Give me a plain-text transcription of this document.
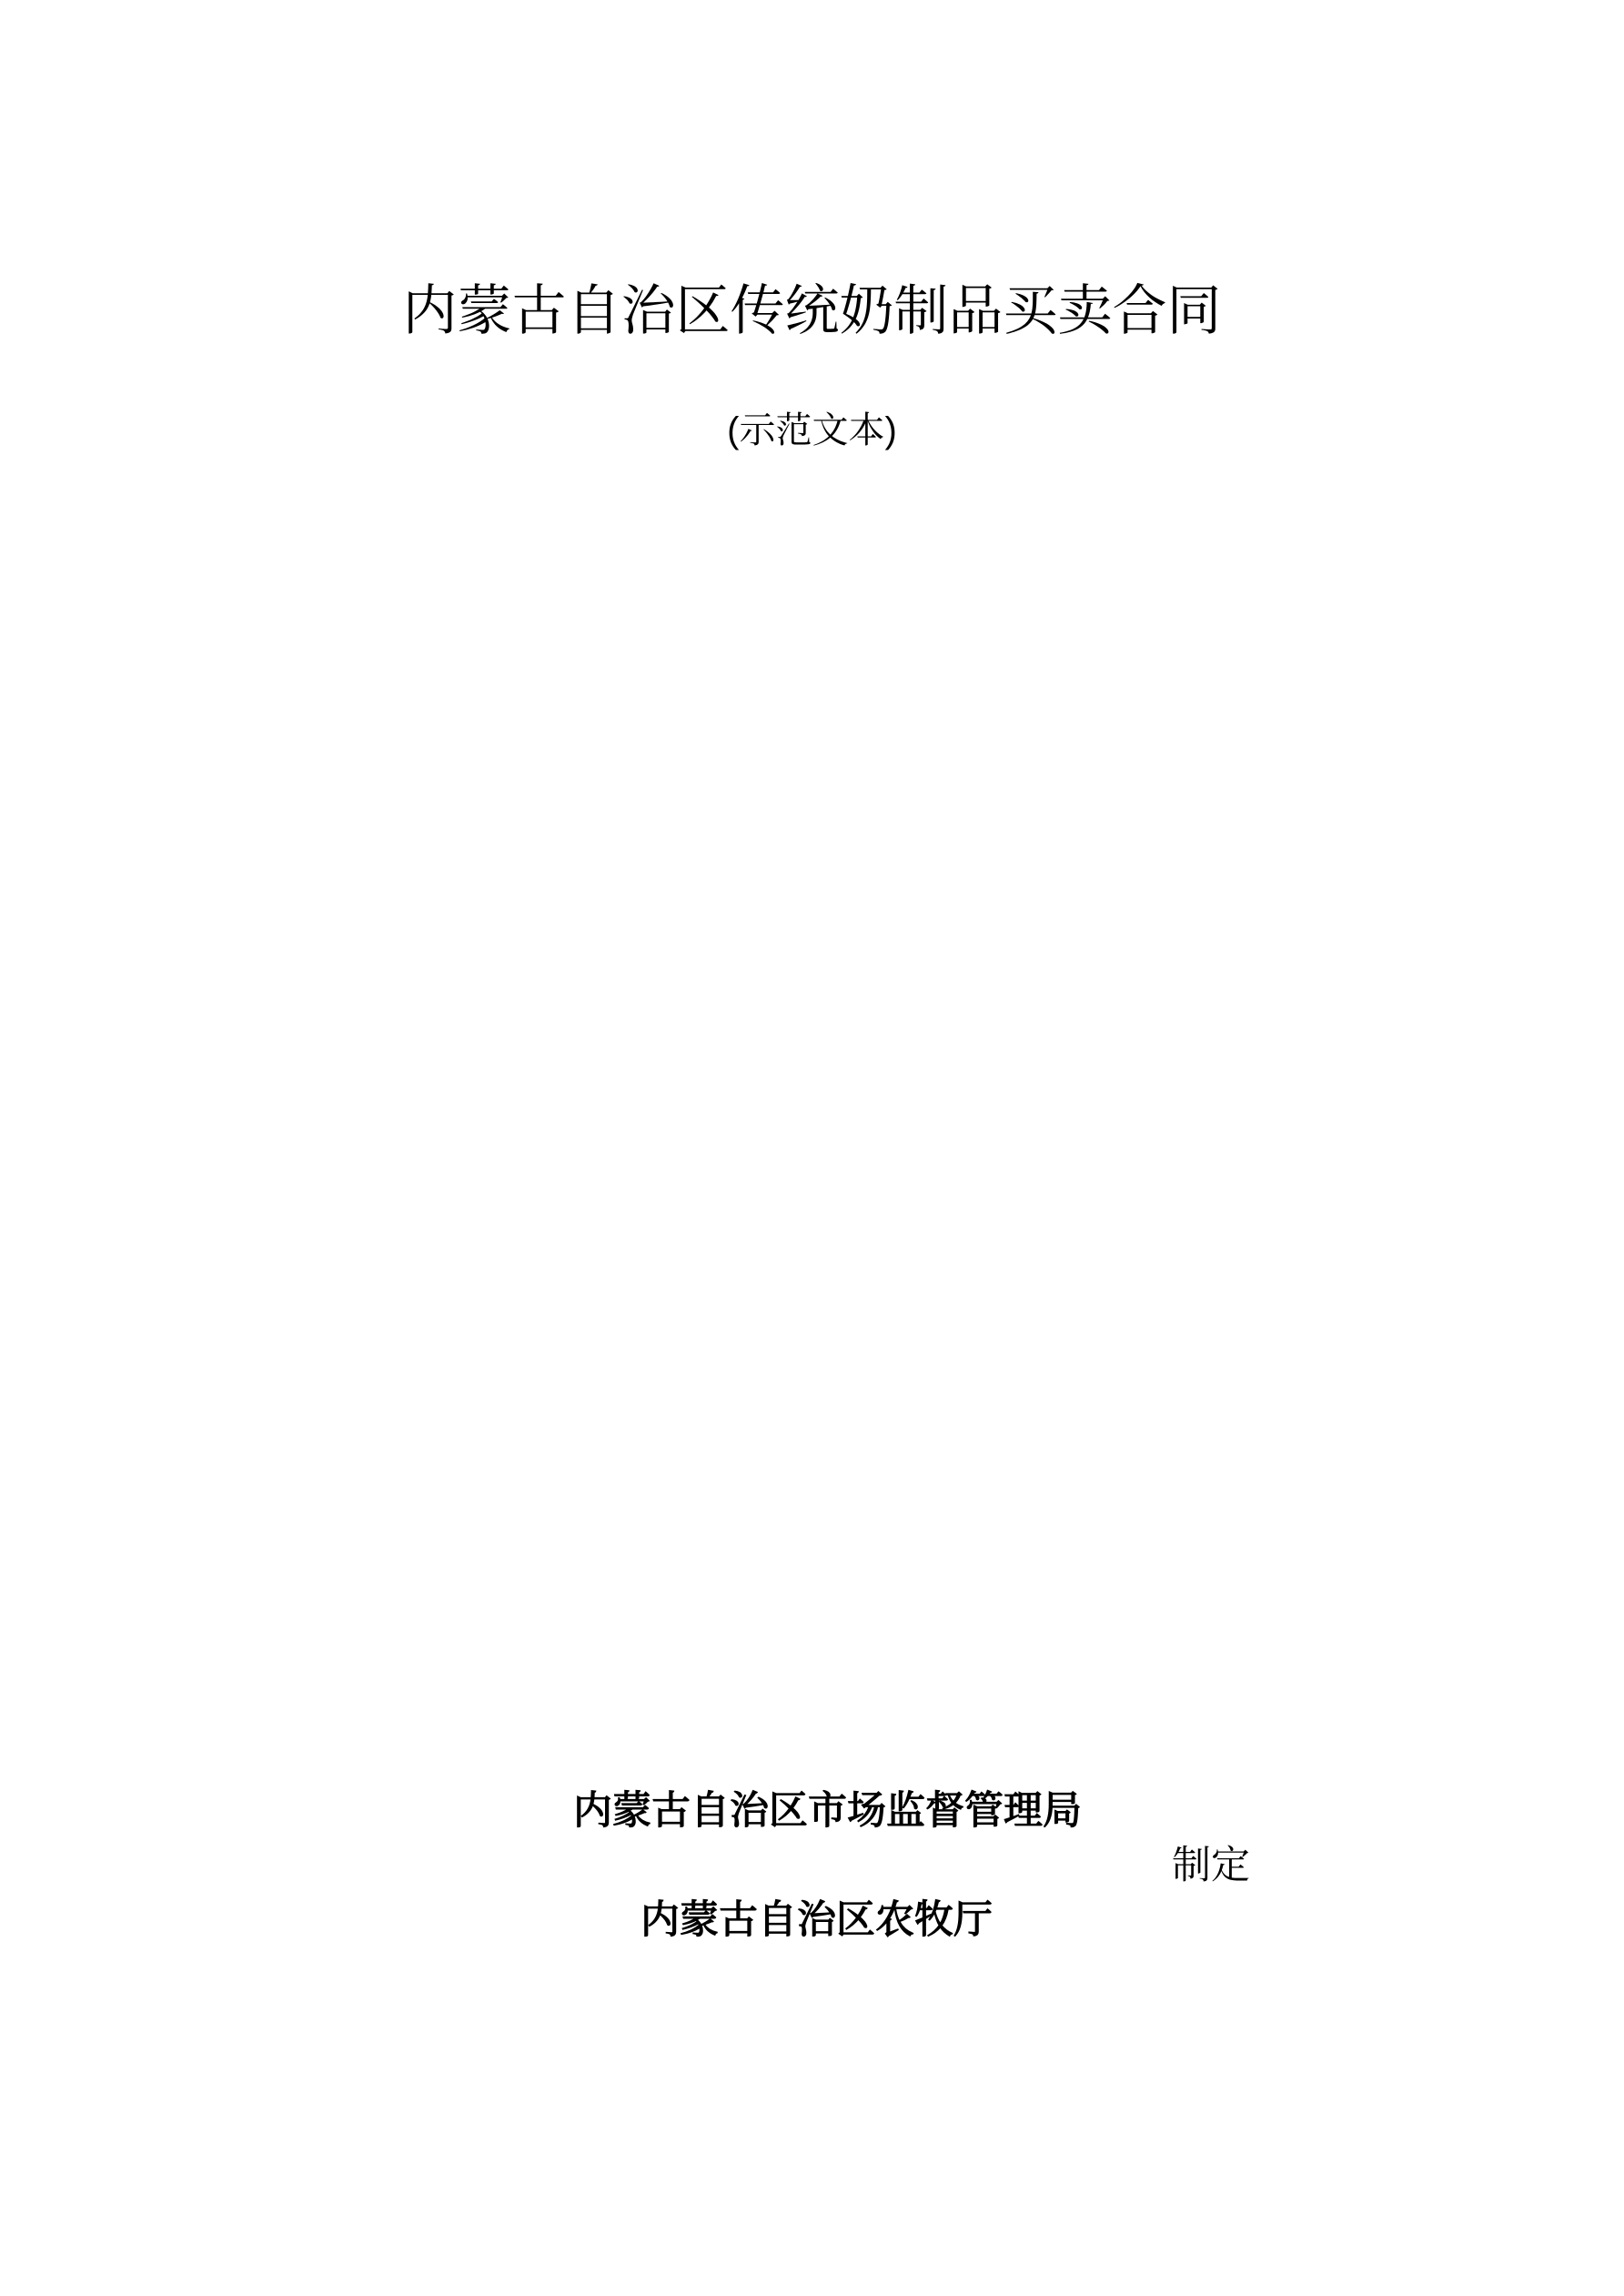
内蒙古自治区传统奶制品买卖合同
(示范文本)
内蒙古自治区市场监督管理局
制定
内蒙古自治区农牧厅
